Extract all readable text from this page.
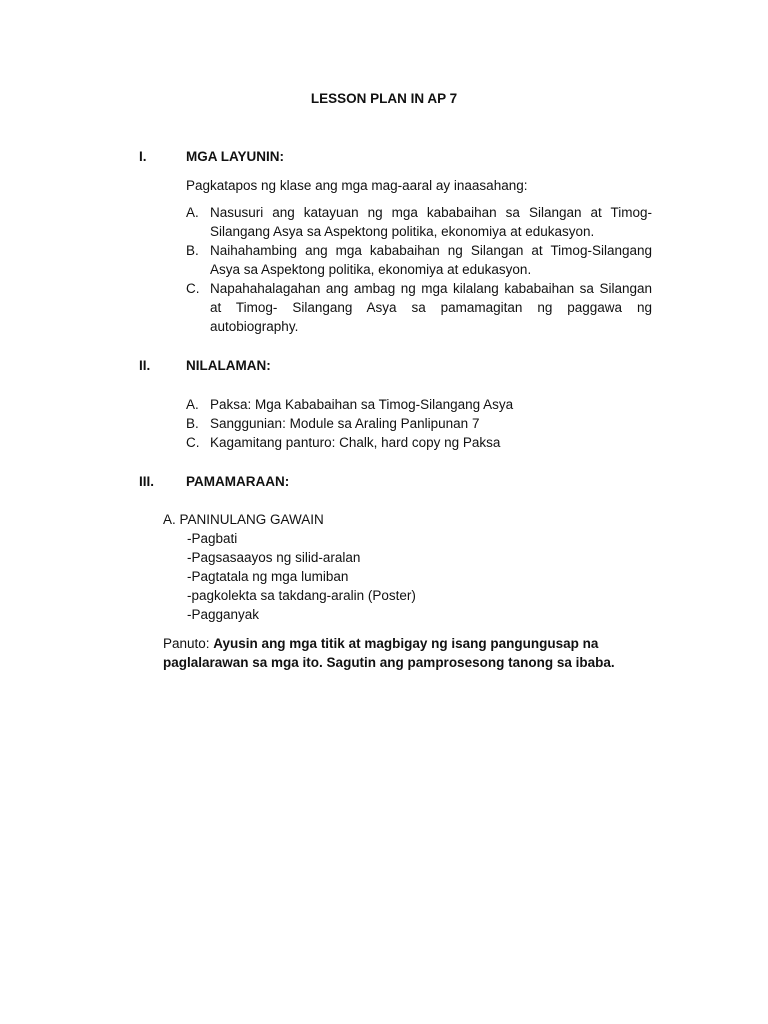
LESSON PLAN IN AP 7
I.	MGA LAYUNIN:
Pagkatapos ng klase ang mga mag-aaral ay inaasahang:
A. Nasusuri ang katayuan ng mga kababaihan sa Silangan at Timog-Silangang Asya sa Aspektong politika, ekonomiya at edukasyon.
B. Naihahambing ang mga kababaihan ng Silangan at Timog-Silangang Asya sa Aspektong politika, ekonomiya at edukasyon.
C. Napahahalagahan ang ambag ng mga kilalang kababaihan sa Silangan at Timog- Silangang Asya sa pamamagitan ng paggawa ng autobiography.
II.	NILALAMAN:
A. Paksa: Mga Kababaihan sa Timog-Silangang Asya
B. Sanggunian: Module sa Araling Panlipunan 7
C. Kagamitang panturo: Chalk, hard copy ng Paksa
III. PAMAMARAAN:
A. PANINULANG GAWAIN
-Pagbati
-Pagsasaayos ng silid-aralan
-Pagtatala ng mga lumiban
-pagkolekta sa takdang-aralin (Poster)
-Pagganyak
Panuto: Ayusin ang mga titik at magbigay ng isang pangungusap na paglalarawan sa mga ito. Sagutin ang pamprosesong tanong sa ibaba.
